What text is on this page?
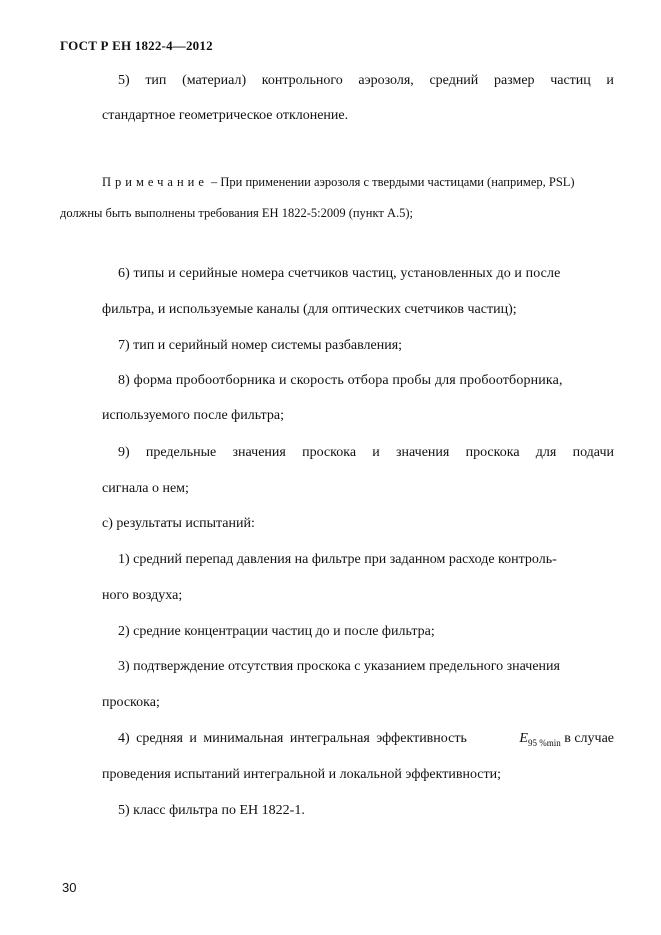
ГОСТ Р ЕН 1822-4—2012
5) тип (материал) контрольного аэрозоля, средний размер частиц и
стандартное геометрическое отклонение.
Примечание – При применении аэрозоля с твердыми частицами (например, PSL)
должны быть выполнены требования ЕН 1822-5:2009 (пункт А.5);
6) типы и серийные номера счетчиков частиц, установленных до и после
фильтра, и используемые каналы (для оптических счетчиков частиц);
7) тип и серийный номер системы разбавления;
8) форма пробоотборника и скорость отбора пробы для пробоотборника,
используемого после фильтра;
9) предельные значения проскока и значения проскока для подачи
сигнала о нем;
с) результаты испытаний:
1) средний перепад давления на фильтре при заданном расходе контроль-
ного воздуха;
2) средние концентрации частиц до и после фильтра;
3) подтверждение отсутствия проскока с указанием предельного значения
проскока;
4) средняя и минимальная интегральная эффективность	$E_{95 \%min}$ в случае
проведения испытаний интегральной и локальной эффективности;
5) класс фильтра по ЕН 1822-1.
30
